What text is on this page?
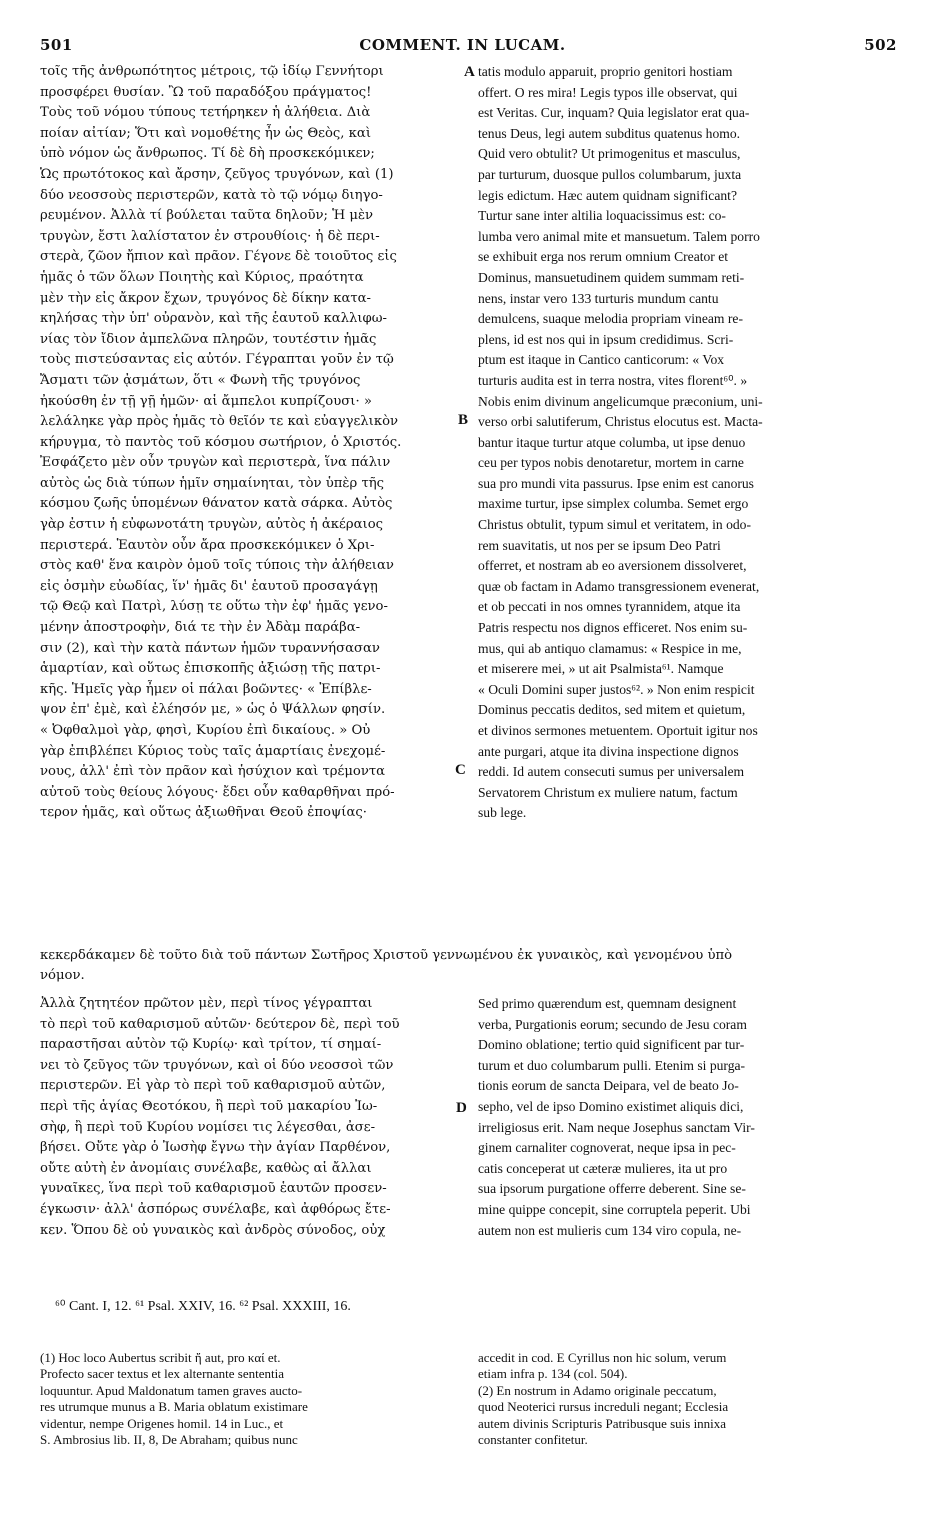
501	COMMENT. IN LUCAM.	502
τοῖς τῆς ἀνθρωπότητος μέτροις, τῷ ἰδίῳ Γεννήτορι
προσφέρει θυσίαν. Ὢ τοῦ παραδόξου πράγματος!
Τοὺς τοῦ νόμου τύπους τετήρηκεν ἡ ἀλήθεια. Διὰ
ποίαν αἰτίαν; Ὅτι καὶ νομοθέτης ἦν ὡς Θεὸς, καὶ
ὑπὸ νόμον ὡς ἄνθρωπος. Τί δὲ δὴ προσκεκόμικεν;
Ὡς πρωτότοκος καὶ ἄρσην, ζεῦγος τρυγόνων, καὶ (1)
δύο νεοσσοὺς περιστερῶν, κατὰ τὸ τῷ νόμῳ διηγο-
ρευμένον. Ἀλλὰ τί βούλεται ταῦτα δηλοῦν; Ἡ μὲν
τρυγὼν, ἔστι λαλίστατον ἐν στρουθίοις· ἡ δὲ περι-
στερὰ, ζῶον ἤπιον καὶ πρᾶον. Γέγονε δὲ τοιοῦτος εἰς
ἡμᾶς ὁ τῶν ὅλων Ποιητὴς καὶ Κύριος, πραότητα
μὲν τὴν εἰς ἄκρον ἔχων, τρυγόνος δὲ δίκην κατα-
κηλήσας τὴν ὑπ' οὐρανὸν, καὶ τῆς ἑαυτοῦ καλλιφω-
νίας τὸν ἴδιον ἀμπελῶνα πληρῶν, τουτέστιν ἡμᾶς
τοὺς πιστεύσαντας εἰς αὐτόν. Γέγραπται γοῦν ἐν τῷ
Ἄσματι τῶν ᾀσμάτων, ὅτι « Φωνὴ τῆς τρυγόνος
ἠκούσθη ἐν τῇ γῇ ἡμῶν· αἱ ἄμπελοι κυπρίζουσι· »
λελάληκε γὰρ πρὸς ἡμᾶς τὸ θεῖόν τε καὶ εὐαγγελικὸν
κήρυγμα, τὸ παντὸς τοῦ κόσμου σωτήριον, ὁ Χριστός.
Ἐσφάζετο μὲν οὖν τρυγὼν καὶ περιστερὰ, ἵνα πάλιν
αὐτὸς ὡς διὰ τύπων ἡμῖν σημαίνηται, τὸν ὑπὲρ τῆς
κόσμου ζωῆς ὑπομένων θάνατον κατὰ σάρκα. Αὐτὸς
γὰρ ἐστιν ἡ εὐφωνοτάτη τρυγὼν, αὐτὸς ἡ ἀκέραιος
περιστερά. Ἑαυτὸν οὖν ἄρα προσκεκόμικεν ὁ Χρι-
στὸς καθ' ἕνα καιρὸν ὁμοῦ τοῖς τύποις τὴν ἀλήθειαν
εἰς ὀσμὴν εὐωδίας, ἵν' ἡμᾶς δι' ἑαυτοῦ προσαγάγῃ
τῷ Θεῷ καὶ Πατρὶ, λύσῃ τε οὕτω τὴν ἐφ' ἡμᾶς γενο-
μένην ἀποστροφὴν, διά τε τὴν ἐν Ἀδὰμ παράβα-
σιν (2), καὶ τὴν κατὰ πάντων ἡμῶν τυραννήσασαν
ἁμαρτίαν, καὶ οὕτως ἐπισκοπῆς ἀξιώσῃ τῆς πατρι-
κῆς. Ἡμεῖς γὰρ ἦμεν οἱ πάλαι βοῶντες· « Ἐπίβλε-
ψον ἐπ' ἐμὲ, καὶ ἐλέησόν με, » ὡς ὁ Ψάλλων φησίν.
« Ὀφθαλμοὶ γὰρ, φησὶ, Κυρίου ἐπὶ δικαίους. » Οὐ
γὰρ ἐπιβλέπει Κύριος τοὺς ταῖς ἁμαρτίαις ἐνεχομέ-
νους, ἀλλ' ἐπὶ τὸν πρᾶον καὶ ἡσύχιον καὶ τρέμοντα
αὐτοῦ τοὺς θείους λόγους· ἔδει οὖν καθαρθῆναι πρό-
τερον ἡμᾶς, καὶ οὕτως ἀξιωθῆναι Θεοῦ ἐποψίας·
tatis modulo apparuit, proprio genitori hostiam
offert. O res mira! Legis typos ille observat, qui
est Veritas. Cur, inquam? Quia legislator erat qua-
tenus Deus, legi autem subditus quatenus homo.
Quid vero obtulit? Ut primogenitus et masculus,
par turturum, duosque pullos columbarum, juxta
legis edictum. Hæc autem quidnam significant?
Turtur sane inter altilia loquacissimus est: co-
lumba vero animal mite et mansuetum. Talem porro
se exhibuit erga nos rerum omnium Creator et
Dominus, mansuetudinem quidem summam reti-
nens, instar vero 133 turturis mundum cantu
demulcens, suaque melodia propriam vineam re-
plens, id est nos qui in ipsum credidimus. Scri-
ptum est itaque in Cantico canticorum: « Vox
turturis audita est in terra nostra, vites florent⁶⁰. »
Nobis enim divinum angelicumque præconium, uni-
verso orbi salutiferum, Christus elocutus est. Macta-
bantur itaque turtur atque columba, ut ipse denuo
ceu per typos nobis denotaretur, mortem in carne
sua pro mundi vita passurus. Ipse enim est canorus
maxime turtur, ipse simplex columba. Semet ergo
Christus obtulit, typum simul et veritatem, in odo-
rem suavitatis, ut nos per se ipsum Deo Patri
offerret, et nostram ab eo aversionem dissolveret,
quæ ob factam in Adamo transgressionem evenerat,
et ob peccati in nos omnes tyrannidem, atque ita
Patris respectu nos dignos efficeret. Nos enim su-
mus, qui ab antiquo clamamus: « Respice in me,
et miserere mei, » ut ait Psalmista⁶¹. Namque
« Oculi Domini super justos⁶². » Non enim respicit
Dominus peccatis deditos, sed mitem et quietum,
et divinos sermones metuentem. Oportuit igitur nos
ante purgari, atque ita divina inspectione dignos
reddi. Id autem consecuti sumus per universalem
Servatorem Christum ex muliere natum, factum
sub lege.
A
B
C
D
κεκερδάκαμεν δὲ τοῦτο διὰ τοῦ πάντων Σωτῆρος Χριστοῦ γεννωμένου ἐκ γυναικὸς, καὶ γενομένου ὑπὸ
νόμον.
Ἀλλὰ ζητητέον πρῶτον μὲν, περὶ τίνος γέγραπται
τὸ περὶ τοῦ καθαρισμοῦ αὐτῶν· δεύτερον δὲ, περὶ τοῦ
παραστῆσαι αὐτὸν τῷ Κυρίῳ· καὶ τρίτον, τί σημαί-
νει τὸ ζεῦγος τῶν τρυγόνων, καὶ οἱ δύο νεοσσοὶ τῶν
περιστερῶν. Εἰ γὰρ τὸ περὶ τοῦ καθαρισμοῦ αὐτῶν,
περὶ τῆς ἁγίας Θεοτόκου, ἢ περὶ τοῦ μακαρίου Ἰω-
σὴφ, ἢ περὶ τοῦ Κυρίου νομίσει τις λέγεσθαι, ἀσε-
βήσει. Οὔτε γὰρ ὁ Ἰωσὴφ ἔγνω τὴν ἁγίαν Παρθένον,
οὔτε αὐτὴ ἐν ἀνομίαις συνέλαβε, καθὼς αἱ ἄλλαι
γυναῖκες, ἵνα περὶ τοῦ καθαρισμοῦ ἑαυτῶν προσεν-
έγκωσιν· ἀλλ' ἀσπόρως συνέλαβε, καὶ ἀφθόρως ἔτε-
κεν. Ὅπου δὲ οὐ γυναικὸς καὶ ἀνδρὸς σύνοδος, οὐχ
Sed primo quærendum est, quemnam designent
verba, Purgationis eorum; secundo de Jesu coram
Domino oblatione; tertio quid significent par tur-
turum et duo columbarum pulli. Etenim si purga-
tionis eorum de sancta Deipara, vel de beato Jo-
sepho, vel de ipso Domino existimet aliquis dici,
irreligiosus erit. Nam neque Josephus sanctam Vir-
ginem carnaliter cognoverat, neque ipsa in pec-
catis conceperat ut cæteræ mulieres, ita ut pro
sua ipsorum purgatione offerre deberent. Sine se-
mine quippe concepit, sine corruptela peperit. Ubi
autem non est mulieris cum 134 viro copula, ne-
⁶⁰ Cant. I, 12. ⁶¹ Psal. XXIV, 16. ⁶² Psal. XXXIII, 16.
(1) Hoc loco Aubertus scribit ἤ aut, pro καί et.
Profecto sacer textus et lex alternante sententia
loquuntur. Apud Maldonatum tamen graves aucto-
res utrumque munus a B. Maria oblatum existimare
videntur, nempe Origenes homil. 14 in Luc., et
S. Ambrosius lib. II, 8, De Abraham; quibus nunc
accedit in cod. E Cyrillus non hic solum, verum
etiam infra p. 134 (col. 504).
(2) En nostrum in Adamo originale peccatum,
quod Neoterici rursus increduli negant; Ecclesia
autem divinis Scripturis Patribusque suis innixa
constanter confitetur.
